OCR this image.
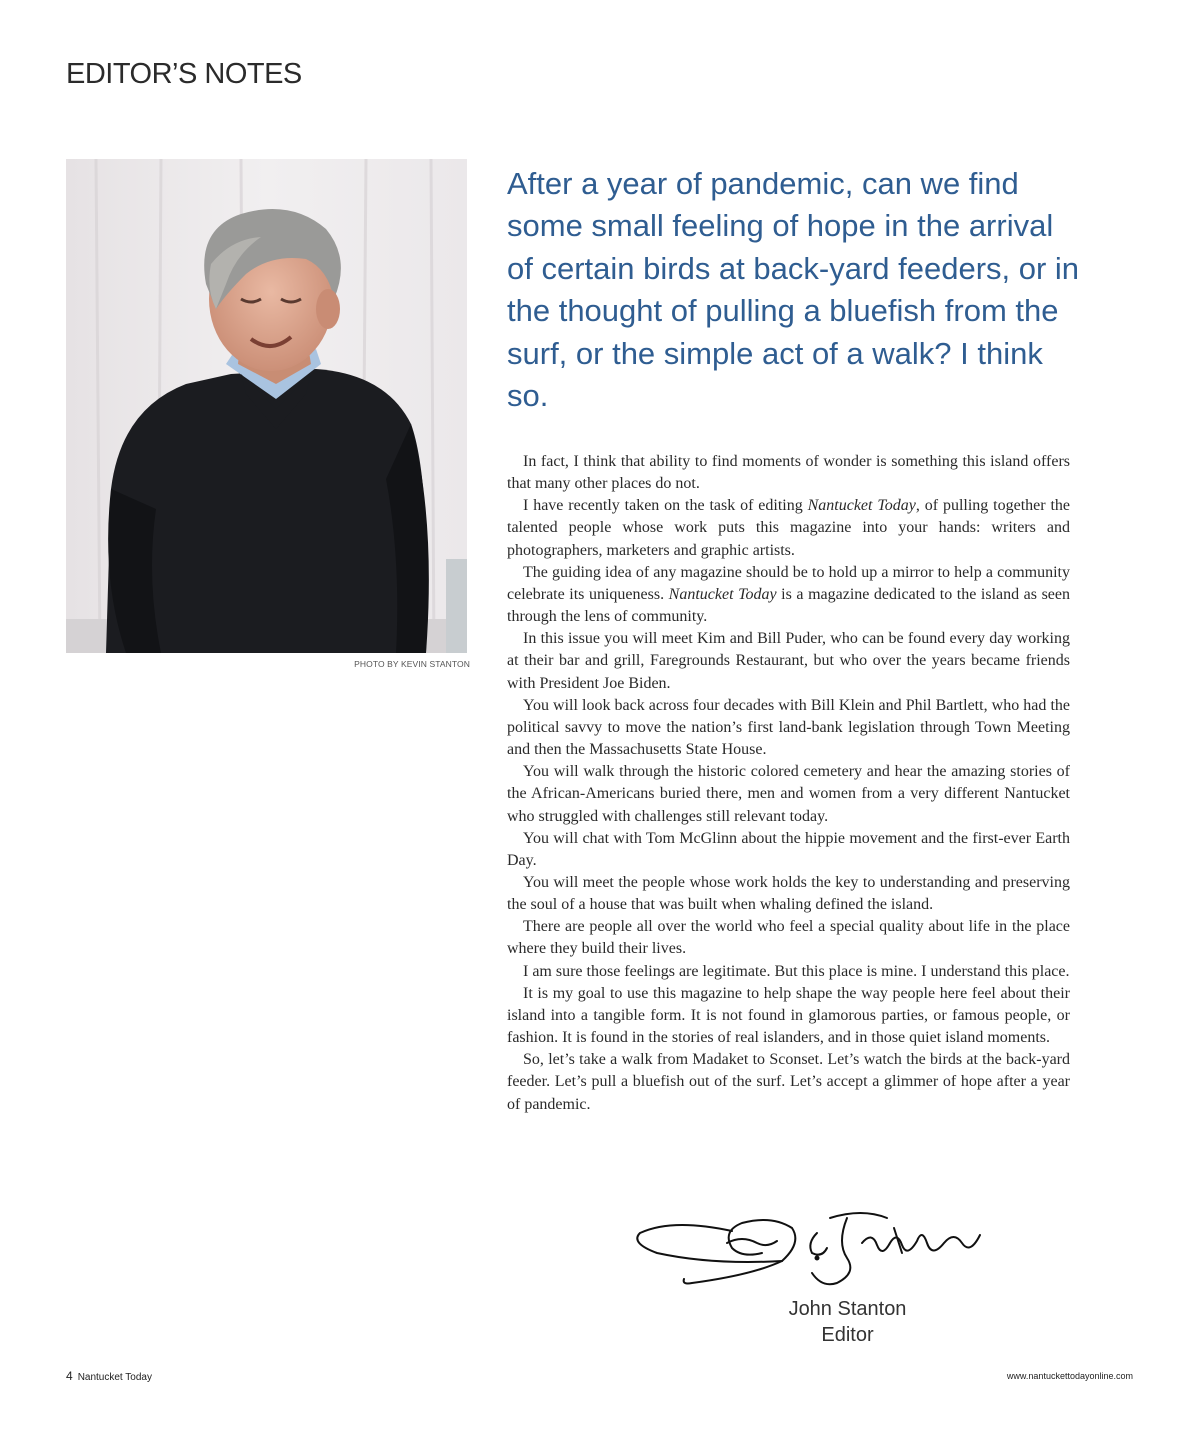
EDITOR’S NOTES
PHOTO BY KEVIN STANTON

After a year of pandemic, can we find some small feeling of hope in the arrival of certain birds at back-yard feeders, or in the thought of pulling a bluefish from the surf, or the simple act of a walk? I think so.

In fact, I think that ability to find moments of wonder is something this island offers that many other places do not.

I have recently taken on the task of editing Nantucket Today, of pulling together the talented people whose work puts this magazine into your hands: writers and photographers, marketers and graphic artists.

The guiding idea of any magazine should be to hold up a mirror to help a community celebrate its uniqueness. Nantucket Today is a magazine dedicated to the island as seen through the lens of community.

In this issue you will meet Kim and Bill Puder, who can be found every day working at their bar and grill, Faregrounds Restaurant, but who over the years became friends with President Joe Biden.

You will look back across four decades with Bill Klein and Phil Bartlett, who had the political savvy to move the nation’s first land-bank legislation through Town Meeting and then the Massachusetts State House.

You will walk through the historic colored cemetery and hear the amazing stories of the African-Americans buried there, men and women from a very different Nantucket who struggled with challenges still relevant today.

You will chat with Tom McGlinn about the hippie movement and the first-ever Earth Day.

You will meet the people whose work holds the key to understanding and preserving the soul of a house that was built when whaling defined the island.

There are people all over the world who feel a special quality about life in the place where they build their lives.

I am sure those feelings are legitimate. But this place is mine. I understand this place.

It is my goal to use this magazine to help shape the way people here feel about their island into a tangible form. It is not found in glamorous parties, or famous people, or fashion. It is found in the stories of real islanders, and in those quiet island moments.

So, let’s take a walk from Madaket to Sconset. Let’s watch the birds at the back-yard feeder. Let’s pull a bluefish out of the surf. Let’s accept a glimmer of hope after a year of pandemic.

John Stanton
Editor
4 Nantucket Today	www.nantuckettodayonline.com
